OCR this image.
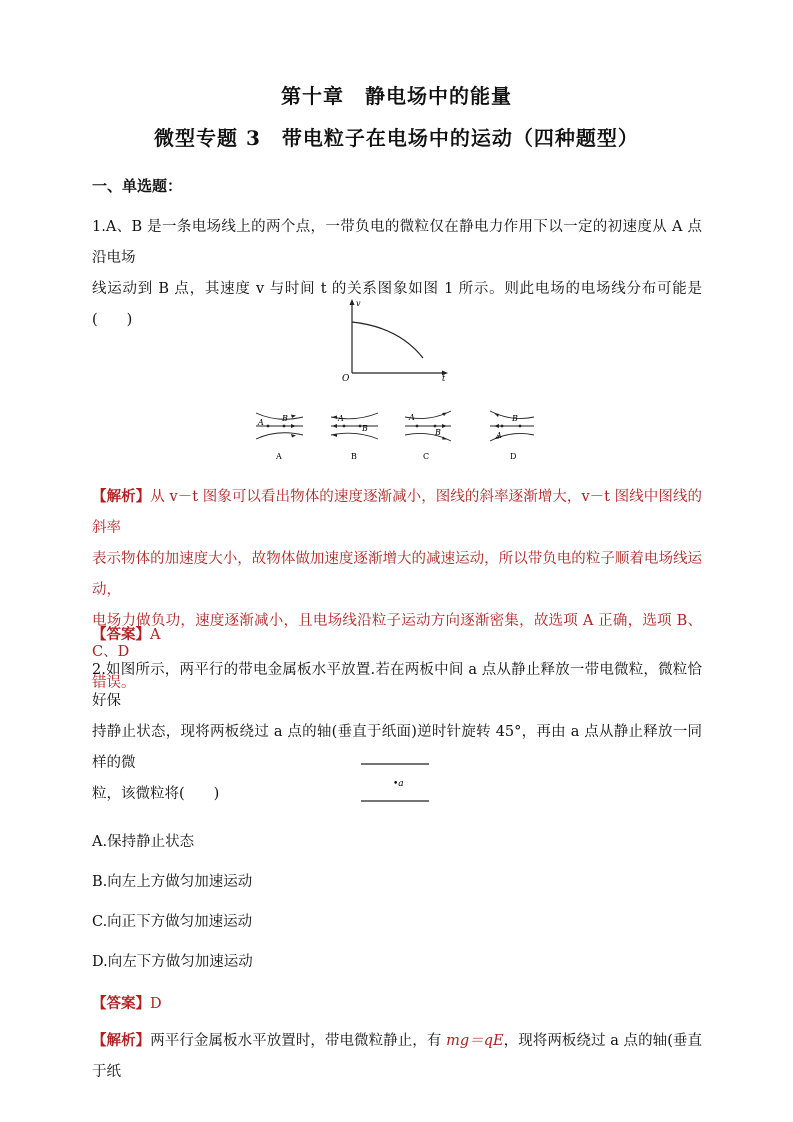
第十章　静电场中的能量
微型专题 3　带电粒子在电场中的运动（四种题型）
一、单选题：
1.A、B 是一条电场线上的两个点，一带负电的微粒仅在静电力作用下以一定的初速度从 A 点沿电场
线运动到 B 点，其速度 v 与时间 t 的关系图象如图 1 所示。则此电场的电场线分布可能是(　　)
v
O	t
B
A
A
A
B
B
A
B
C
B
A
D
【解析】从 v－t 图象可以看出物体的速度逐渐减小，图线的斜率逐渐增大，v－t 图线中图线的斜率
表示物体的加速度大小，故物体做加速度逐渐增大的减速运动，所以带负电的粒子顺着电场线运动，
电场力做负功，速度逐渐减小，且电场线沿粒子运动方向逐渐密集，故选项 A 正确，选项 B、C、D
错误。
【答案】A
2.如图所示，两平行的带电金属板水平放置.若在两板中间 a 点从静止释放一带电微粒，微粒恰好保
持静止状态，现将两板绕过 a 点的轴(垂直于纸面)逆时针旋转 45°，再由 a 点从静止释放一同样的微
粒，该微粒将(　　)
•a
A.保持静止状态
B.向左上方做匀加速运动
C.向正下方做匀加速运动
D.向左下方做匀加速运动
【答案】D
【解析】两平行金属板水平放置时，带电微粒静止，有 mg＝qE，现将两板绕过 a 点的轴(垂直于纸
